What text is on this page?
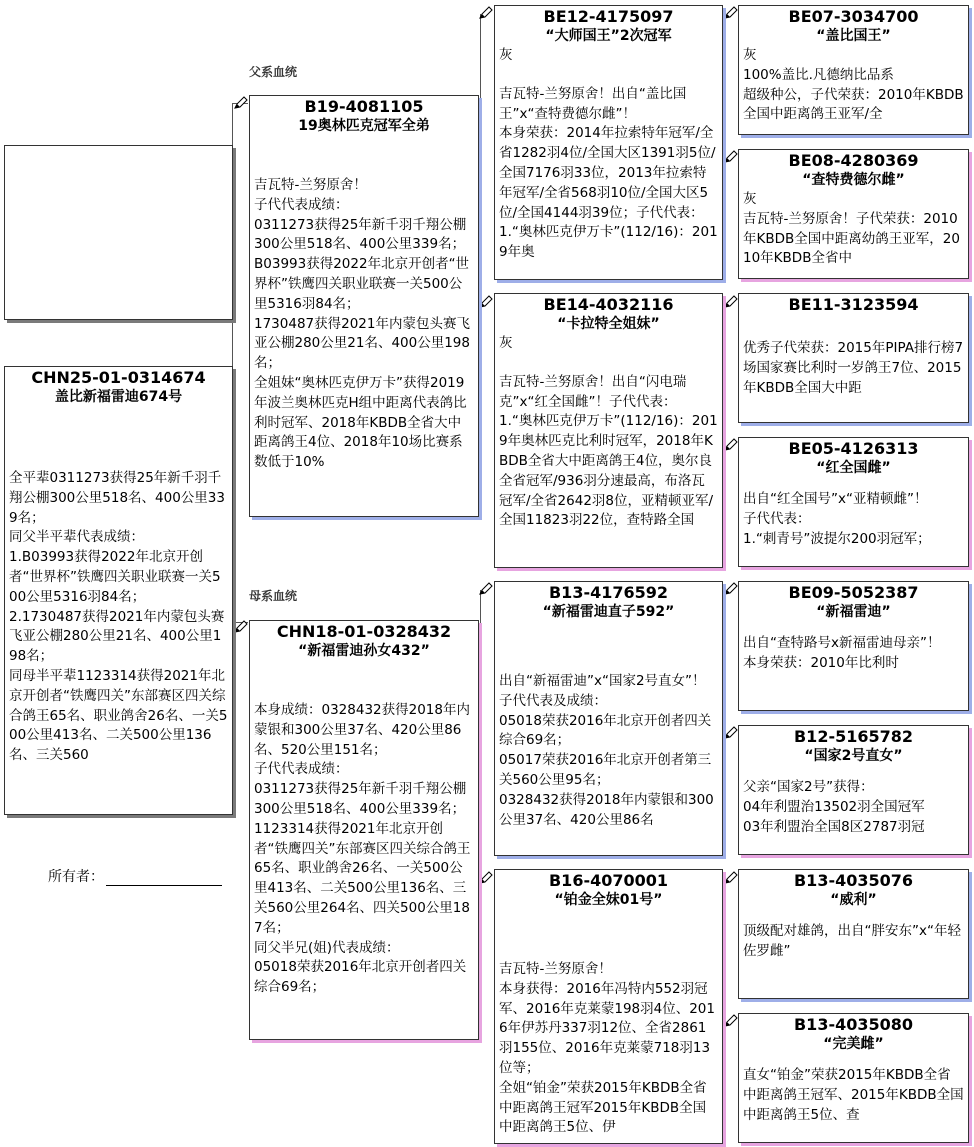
父系血统
母系血统
CHN25-01-0314674
盖比新福雷迪674号
全平辈0311273获得25年新千羽千翔公棚300公里518名、400公里339名；
同父半平辈代表成绩：
1.B03993获得2022年北京开创者“世界杯”铁鹰四关职业联赛一关500公里5316羽84名；
2.1730487获得2021年内蒙包头赛飞亚公棚280公里21名、400公里198名；
同母半平辈1123314获得2021年北京开创者“铁鹰四关”东部赛区四关综合鸽王65名、职业鸽舍26名、一关500公里413名、二关500公里136名、三关560
所有者：
B19-4081105
19奥林匹克冠军全弟
吉瓦特-兰努原舍！
子代代表成绩：
0311273获得25年新千羽千翔公棚300公里518名、400公里339名；
B03993获得2022年北京开创者“世界杯”铁鹰四关职业联赛一关500公里5316羽84名；
1730487获得2021年内蒙包头赛飞亚公棚280公里21名、400公里198名；
全姐妹“奥林匹克伊万卡”获得2019年波兰奥林匹克H组中距离代表鸽比利时冠军、2018年KBDB全省大中距离鸽王4位、2018年10场比赛系数低于10%
CHN18-01-0328432
“新福雷迪孙女432”
本身成绩：0328432获得2018年内蒙银和300公里37名、420公里86名、520公里151名；
子代代表成绩：
0311273获得25年新千羽千翔公棚300公里518名、400公里339名；
1123314获得2021年北京开创者“铁鹰四关”东部赛区四关综合鸽王65名、职业鸽舍26名、一关500公里413名、二关500公里136名、三关560公里264名、四关500公里187名；
同父半兄(姐)代表成绩：
05018荣获2016年北京开创者四关综合69名；
BE12-4175097
“大师国王”2次冠军
灰
吉瓦特-兰努原舍！出自“盖比国王”x“查特费德尔雌”！
本身荣获：2014年拉索特年冠军/全省1282羽4位/全国大区1391羽5位/全国7176羽33位，2013年拉索特年冠军/全省568羽10位/全国大区5位/全国4144羽39位；子代代表：1.“奥林匹克伊万卡”(112/16)：2019年奥
BE14-4032116
“卡拉特全姐妹”
灰
吉瓦特-兰努原舍！出自“闪电瑞克”x“红全国雌”！子代代表：
1.“奥林匹克伊万卡”(112/16)：2019年奥林匹克比利时冠军，2018年KBDB全省大中距离鸽王4位，奥尔良全省冠军/936羽分速最高，布洛瓦冠军/全省2642羽8位，亚精顿亚军/全国11823羽22位，查特路全国
B13-4176592
“新福雷迪直子592”
出自“新福雷迪”x“国家2号直女”！
子代代表及成绩：
05018荣获2016年北京开创者四关综合69名；
05017荣获2016年北京开创者第三关560公里95名；
0328432获得2018年内蒙银和300公里37名、420公里86名
B16-4070001
“铂金全妹01号”
吉瓦特-兰努原舍！
本身获得：2016年冯特内552羽冠军、2016年克莱蒙198羽4位、2016年伊苏丹337羽12位、全省2861羽155位、2016年克莱蒙718羽13位等；
全姐“铂金”荣获2015年KBDB全省中距离鸽王冠军2015年KBDB全国中距离鸽王5位、伊
BE07-3034700
“盖比国王”
灰
100%盖比.凡德纳比品系
超级种公，子代荣获：2010年KBDB全国中距离鸽王亚军/全
BE08-4280369
“查特费德尔雌”
灰
吉瓦特-兰努原舍！子代荣获：2010年KBDB全国中距离幼鸽王亚军，2010年KBDB全省中
BE11-3123594
优秀子代荣获：2015年PIPA排行榜7场国家赛比利时一岁鸽王7位、2015年KBDB全国大中距
BE05-4126313
“红全国雌”
出自“红全国号”x“亚精顿雌”！
子代代表：
1.“刺青号”波提尔200羽冠军；
BE09-5052387
“新福雷迪”
出自“查特路号x新福雷迪母亲”！
本身荣获：2010年比利时
B12-5165782
“国家2号直女”
父亲“国家2号”获得：
04年利盟治13502羽全国冠军
03年利盟治全国8区2787羽冠
B13-4035076
“威利”
顶级配对雄鸽，出自“胖安东”x“年轻佐罗雌”
B13-4035080
“完美雌”
直女“铂金”荣获2015年KBDB全省中距离鸽王冠军、2015年KBDB全国中距离鸽王5位、查
